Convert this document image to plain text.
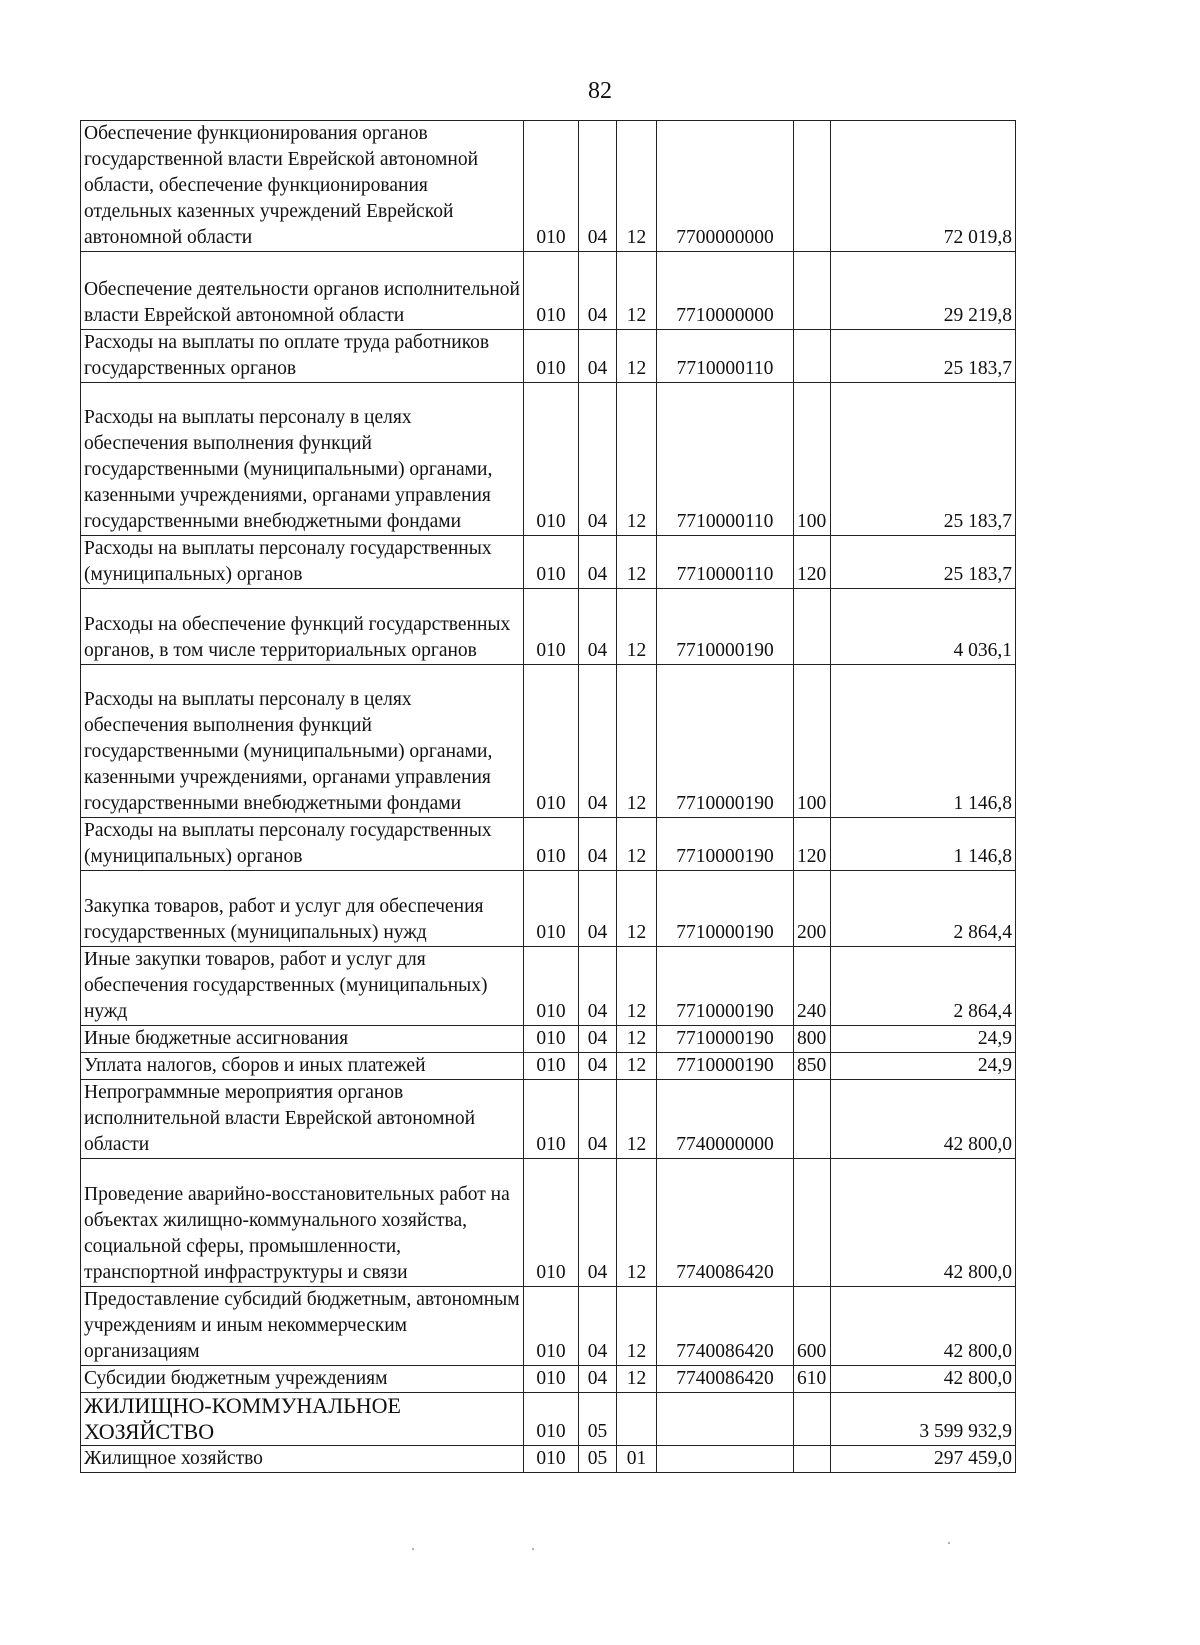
82
Обеспечение функционирования органов государственной власти Еврейской автономной области, обеспечение функционирования отдельных казенных учреждений Еврейской автономной области	010	04	12	7700000000		72 019,8
Обеспечение деятельности органов исполнительной власти Еврейской автономной области	010	04	12	7710000000		29 219,8
Расходы на выплаты по оплате труда работников государственных органов	010	04	12	7710000110		25 183,7
Расходы на выплаты персоналу в целях обеспечения выполнения функций государственными (муниципальными) органами, казенными учреждениями, органами управления государственными внебюджетными фондами	010	04	12	7710000110	100	25 183,7
Расходы на выплаты персоналу государственных (муниципальных) органов	010	04	12	7710000110	120	25 183,7
Расходы на обеспечение функций государственных органов, в том числе территориальных органов	010	04	12	7710000190		4 036,1
Расходы на выплаты персоналу в целях обеспечения выполнения функций государственными (муниципальными) органами, казенными учреждениями, органами управления государственными внебюджетными фондами	010	04	12	7710000190	100	1 146,8
Расходы на выплаты персоналу государственных (муниципальных) органов	010	04	12	7710000190	120	1 146,8
Закупка товаров, работ и услуг для обеспечения государственных (муниципальных) нужд	010	04	12	7710000190	200	2 864,4
Иные закупки товаров, работ и услуг для обеспечения государственных (муниципальных) нужд	010	04	12	7710000190	240	2 864,4
Иные бюджетные ассигнования	010	04	12	7710000190	800	24,9
Уплата налогов, сборов и иных платежей	010	04	12	7710000190	850	24,9
Непрограммные мероприятия органов исполнительной власти Еврейской автономной области	010	04	12	7740000000		42 800,0
Проведение аварийно-восстановительных работ на объектах жилищно-коммунального хозяйства, социальной сферы, промышленности, транспортной инфраструктуры и связи	010	04	12	7740086420		42 800,0
Предоставление субсидий бюджетным, автономным учреждениям и иным некоммерческим организациям	010	04	12	7740086420	600	42 800,0
Субсидии бюджетным учреждениям	010	04	12	7740086420	610	42 800,0
ЖИЛИЩНО-КОММУНАЛЬНОЕ ХОЗЯЙСТВО	010	05				3 599 932,9
Жилищное хозяйство	010	05	01			297 459,0
